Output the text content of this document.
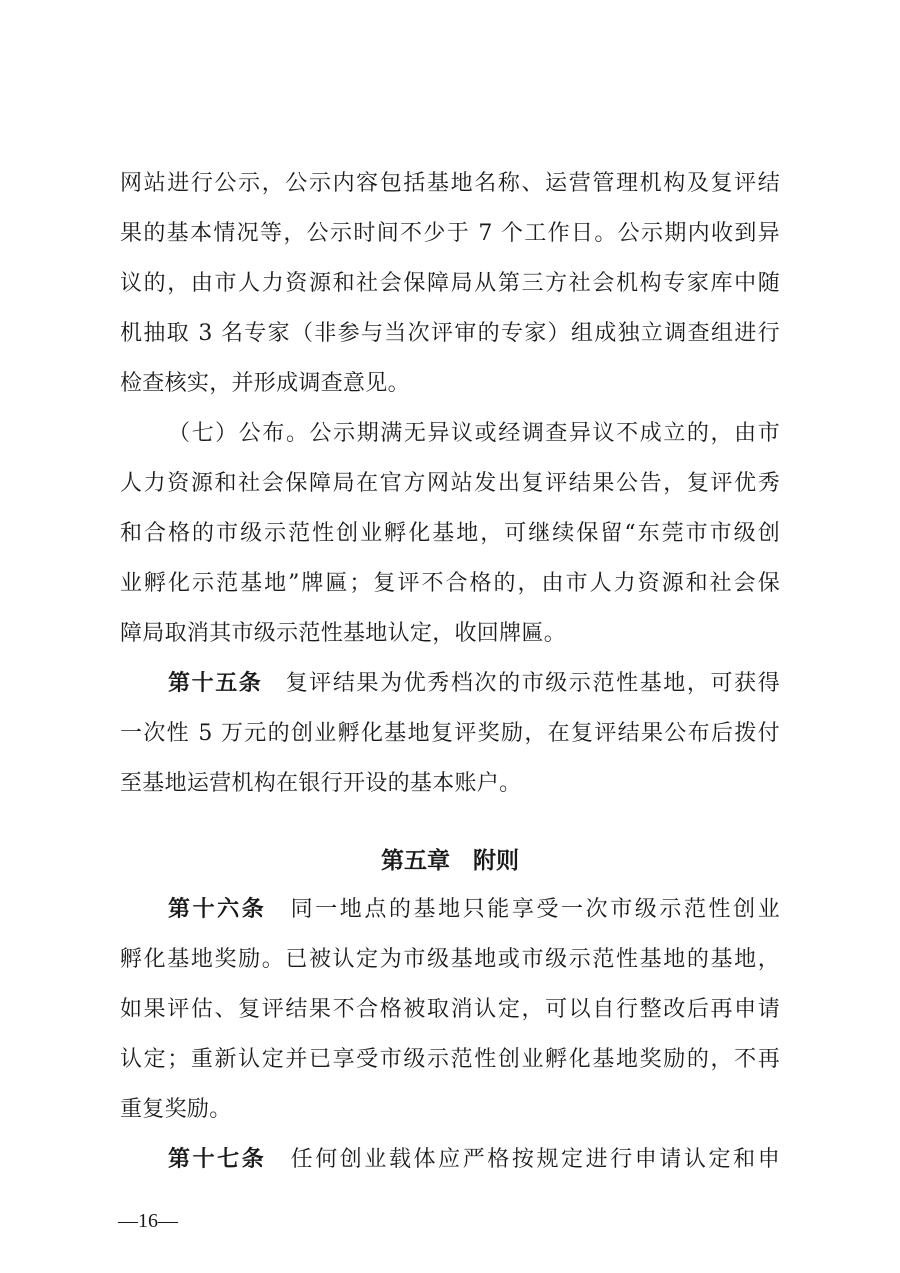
网站进行公示，公示内容包括基地名称、运营管理机构及复评结
果的基本情况等，公示时间不少于 7 个工作日。公示期内收到异
议的，由市人力资源和社会保障局从第三方社会机构专家库中随
机抽取 3 名专家（非参与当次评审的专家）组成独立调查组进行
检查核实，并形成调查意见。
（七）公布。公示期满无异议或经调查异议不成立的，由市
人力资源和社会保障局在官方网站发出复评结果公告，复评优秀
和合格的市级示范性创业孵化基地，可继续保留“东莞市市级创
业孵化示范基地”牌匾；复评不合格的，由市人力资源和社会保
障局取消其市级示范性基地认定，收回牌匾。
第十五条 复评结果为优秀档次的市级示范性基地，可获得
一次性 5 万元的创业孵化基地复评奖励，在复评结果公布后拨付
至基地运营机构在银行开设的基本账户。
第五章　附则
第十六条 同一地点的基地只能享受一次市级示范性创业
孵化基地奖励。已被认定为市级基地或市级示范性基地的基地，
如果评估、复评结果不合格被取消认定，可以自行整改后再申请
认定；重新认定并已享受市级示范性创业孵化基地奖励的，不再
重复奖励。
第十七条 任何创业载体应严格按规定进行申请认定和申
—16—
